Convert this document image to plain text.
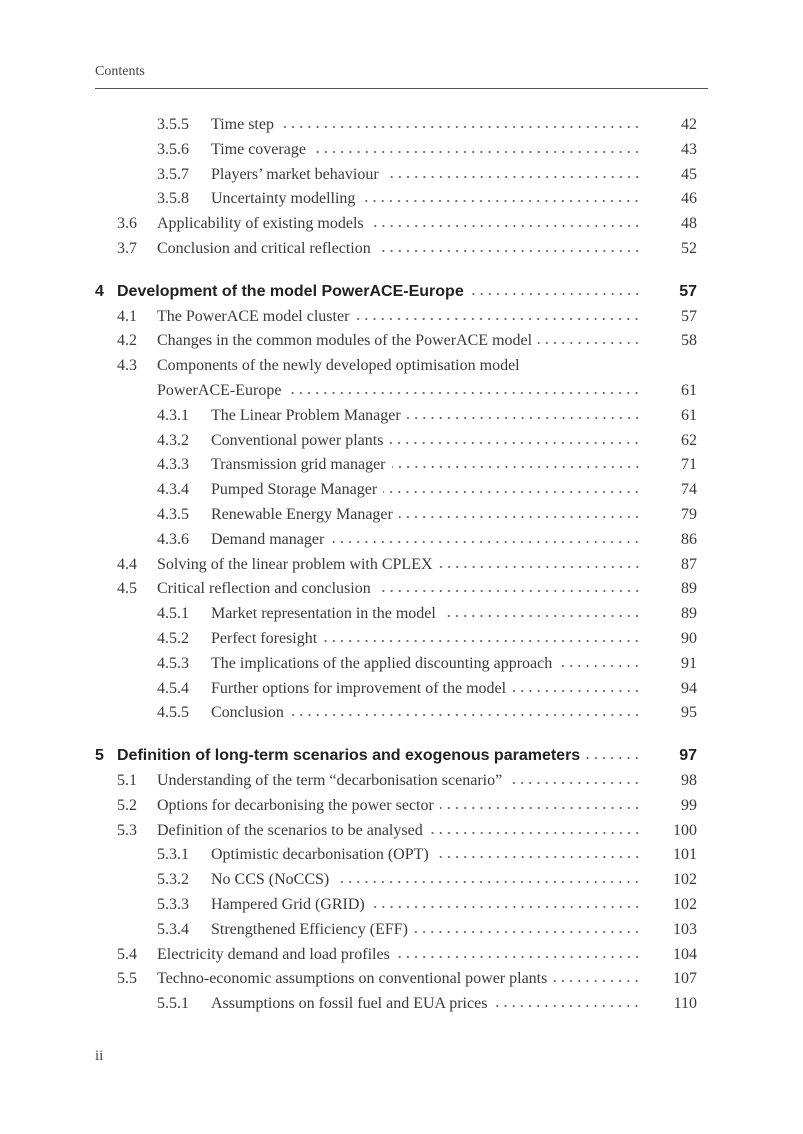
Contents
3.5.5	Time step	42
3.5.6	Time coverage	43
3.5.7	Players’ market behaviour	45
3.5.8	Uncertainty modelling	46
3.6	Applicability of existing models	48
3.7	Conclusion and critical reflection	52
4 Development of the model PowerACE-Europe	57
4.1	The PowerACE model cluster	57
4.2	Changes in the common modules of the PowerACE model	58
4.3	Components of the newly developed optimisation model
PowerACE-Europe	61
4.3.1	The Linear Problem Manager	61
4.3.2	Conventional power plants	62
4.3.3	Transmission grid manager	71
4.3.4	Pumped Storage Manager	74
4.3.5	Renewable Energy Manager	79
4.3.6	Demand manager	86
4.4	Solving of the linear problem with CPLEX	87
4.5	Critical reflection and conclusion	89
4.5.1	Market representation in the model	89
4.5.2	Perfect foresight	90
4.5.3	The implications of the applied discounting approach	91
4.5.4	Further options for improvement of the model	94
4.5.5	Conclusion	95
5 Definition of long-term scenarios and exogenous parameters	97
5.1	Understanding of the term “decarbonisation scenario”	98
5.2	Options for decarbonising the power sector	99
5.3	Definition of the scenarios to be analysed	100
5.3.1	Optimistic decarbonisation (OPT)	101
5.3.2	No CCS (NoCCS)	102
5.3.3	Hampered Grid (GRID)	102
5.3.4	Strengthened Efficiency (EFF)	103
5.4	Electricity demand and load profiles	104
5.5	Techno-economic assumptions on conventional power plants	107
5.5.1	Assumptions on fossil fuel and EUA prices	110
ii
